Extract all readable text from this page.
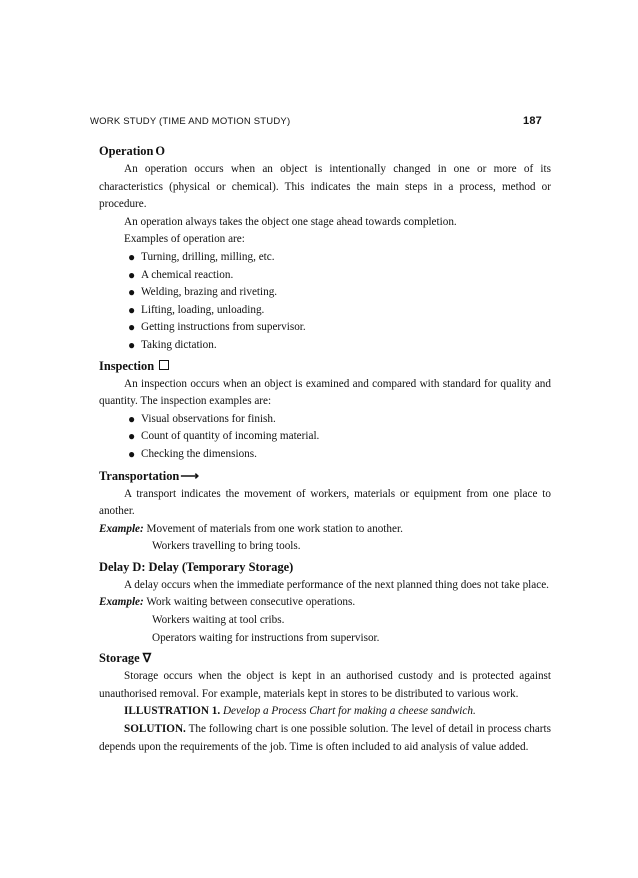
WORK STUDY (TIME AND MOTION STUDY)	187
Operation O
An operation occurs when an object is intentionally changed in one or more of its characteristics (physical or chemical). This indicates the main steps in a process, method or procedure.
An operation always takes the object one stage ahead towards completion.
Examples of operation are:
● Turning, drilling, milling, etc.
● A chemical reaction.
● Welding, brazing and riveting.
● Lifting, loading, unloading.
● Getting instructions from supervisor.
● Taking dictation.
Inspection
An inspection occurs when an object is examined and compared with standard for quality and quantity. The inspection examples are:
● Visual observations for finish.
● Count of quantity of incoming material.
● Checking the dimensions.
Transportation⟶
A transport indicates the movement of workers, materials or equipment from one place to another.
Example: Movement of materials from one work station to another.
Workers travelling to bring tools.
Delay D: Delay (Temporary Storage)
A delay occurs when the immediate performance of the next planned thing does not take place.
Example: Work waiting between consecutive operations.
Workers waiting at tool cribs.
Operators waiting for instructions from supervisor.
Storage ∇
Storage occurs when the object is kept in an authorised custody and is protected against unauthorised removal. For example, materials kept in stores to be distributed to various work.
ILLUSTRATION 1. Develop a Process Chart for making a cheese sandwich.
SOLUTION. The following chart is one possible solution. The level of detail in process charts depends upon the requirements of the job. Time is often included to aid analysis of value added.
